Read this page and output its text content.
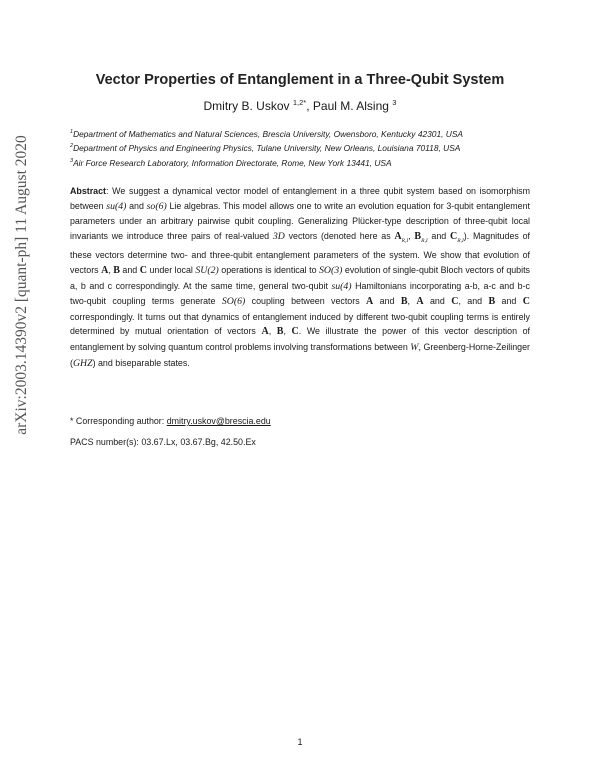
arXiv:2003.14390v2 [quant-ph] 11 August 2020
Vector Properties of Entanglement in a Three-Qubit System
Dmitry B. Uskov $^{1,2*}$, Paul M. Alsing $^3$
$^1$Department of Mathematics and Natural Sciences, Brescia University, Owensboro, Kentucky 42301, USA
$^2$Department of Physics and Engineering Physics, Tulane University, New Orleans, Louisiana 70118, USA
$^3$Air Force Research Laboratory, Information Directorate, Rome, New York 13441, USA
Abstract: We suggest a dynamical vector model of entanglement in a three qubit system based on isomorphism between su(4) and so(6) Lie algebras. This model allows one to write an evolution equation for 3-qubit entanglement parameters under an arbitrary pairwise qubit coupling. Generalizing Plücker-type description of three-qubit local invariants we introduce three pairs of real-valued 3D vectors (denoted here as $A_{R,I}$, $B_{R,I}$ and $C_{R,I}$). Magnitudes of these vectors determine two- and three-qubit entanglement parameters of the system. We show that evolution of vectors A, B and C under local SU(2) operations is identical to SO(3) evolution of single-qubit Bloch vectors of qubits a, b and c correspondingly. At the same time, general two-qubit su(4) Hamiltonians incorporating a-b, a-c and b-c two-qubit coupling terms generate SO(6) coupling between vectors A and B, A and C, and B and C correspondingly. It turns out that dynamics of entanglement induced by different two-qubit coupling terms is entirely determined by mutual orientation of vectors A, B, C. We illustrate the power of this vector description of entanglement by solving quantum control problems involving transformations between W, Greenberg-Horne-Zeilinger (GHZ) and biseparable states.
* Corresponding author: dmitry.uskov@brescia.edu
PACS number(s): 03.67.Lx, 03.67.Bg, 42.50.Ex
1
